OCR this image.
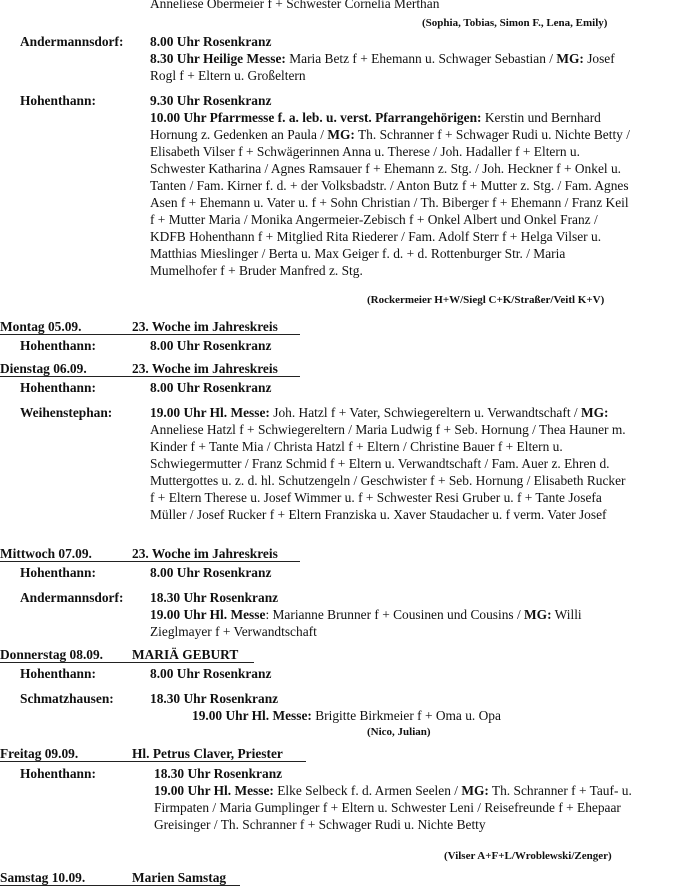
Anneliese Obermeier f + Schwester Cornelia Merthan
(Sophia, Tobias, Simon F., Lena, Emily)
Andermannsdorf: 8.00 Uhr Rosenkranz
8.30 Uhr Heilige Messe: Maria Betz f + Ehemann u. Schwager Sebastian / MG: Josef Rogl f + Eltern u. Großeltern
Hohenthann:	9.30 Uhr Rosenkranz
10.00 Uhr Pfarrmesse f. a. leb. u. verst. Pfarrangehörigen: Kerstin und Bernhard Hornung z. Gedenken an Paula / MG: Th. Schranner f + Schwager Rudi u. Nichte Betty / Elisabeth Vilser f + Schwägerinnen Anna u. Therese / Joh. Hadaller f + Eltern u. Schwester Katharina / Agnes Ramsauer f + Ehemann z. Stg. / Joh. Heckner f + Onkel u. Tanten / Fam. Kirner f. d. + der Volksbadstr. / Anton Butz f + Mutter z. Stg. / Fam. Agnes Asen f + Ehemann u. Vater u. f + Sohn Christian / Th. Biberger f + Ehemann / Franz Keil f + Mutter Maria / Monika Angermeier-Zebisch f + Onkel Albert und Onkel Franz / KDFB Hohenthann f + Mitglied Rita Riederer / Fam. Adolf Sterr f + Helga Vilser u. Matthias Mieslinger / Berta u. Max Geiger f. d. + d. Rottenburger Str. / Maria Mumelhofer f + Bruder Manfred z. Stg.
(Rockermeier H+W/Siegl C+K/Straßer/Veitl K+V)
Montag 05.09.	23. Woche im Jahreskreis
Hohenthann:	8.00 Uhr Rosenkranz
Dienstag 06.09.	23. Woche im Jahreskreis
Hohenthann:	8.00 Uhr Rosenkranz
Weihenstephan:	19.00 Uhr Hl. Messe: Joh. Hatzl f + Vater, Schwiegereltern u. Verwandtschaft / MG: Anneliese Hatzl f + Schwiegereltern / Maria Ludwig f + Seb. Hornung / Thea Hauner m. Kinder f + Tante Mia / Christa Hatzl f + Eltern / Christine Bauer f + Eltern u. Schwiegermutter / Franz Schmid f + Eltern u. Verwandtschaft / Fam. Auer z. Ehren d. Muttergottes u. z. d. hl. Schutzengeln / Geschwister f + Seb. Hornung / Elisabeth Rucker f + Eltern Therese u. Josef Wimmer u. f + Schwester Resi Gruber u. f + Tante Josefa Müller / Josef Rucker f + Eltern Franziska u. Xaver Staudacher u. f verm. Vater Josef
Mittwoch 07.09.	23. Woche im Jahreskreis
Hohenthann:	8.00 Uhr Rosenkranz
Andermannsdorf: 18.30 Uhr Rosenkranz
19.00 Uhr Hl. Messe: Marianne Brunner f + Cousinen und Cousins / MG: Willi Zieglmayer f + Verwandtschaft
Donnerstag 08.09. MARIÄ GEBURT
Hohenthann:	8.00 Uhr Rosenkranz
Schmatzhausen:	18.30 Uhr Rosenkranz
19.00 Uhr Hl. Messe: Brigitte Birkmeier f + Oma u. Opa
(Nico, Julian)
Freitag 09.09.	Hl. Petrus Claver, Priester
Hohenthann:	18.30 Uhr Rosenkranz
19.00 Uhr Hl. Messe: Elke Selbeck f. d. Armen Seelen / MG: Th. Schranner f + Tauf- u. Firmpaten / Maria Gumplinger f + Eltern u. Schwester Leni / Reisefreunde f + Ehepaar Greisinger / Th. Schranner f + Schwager Rudi u. Nichte Betty
(Vilser A+F+L/Wroblewski/Zenger)
Samstag 10.09.	Marien Samstag
